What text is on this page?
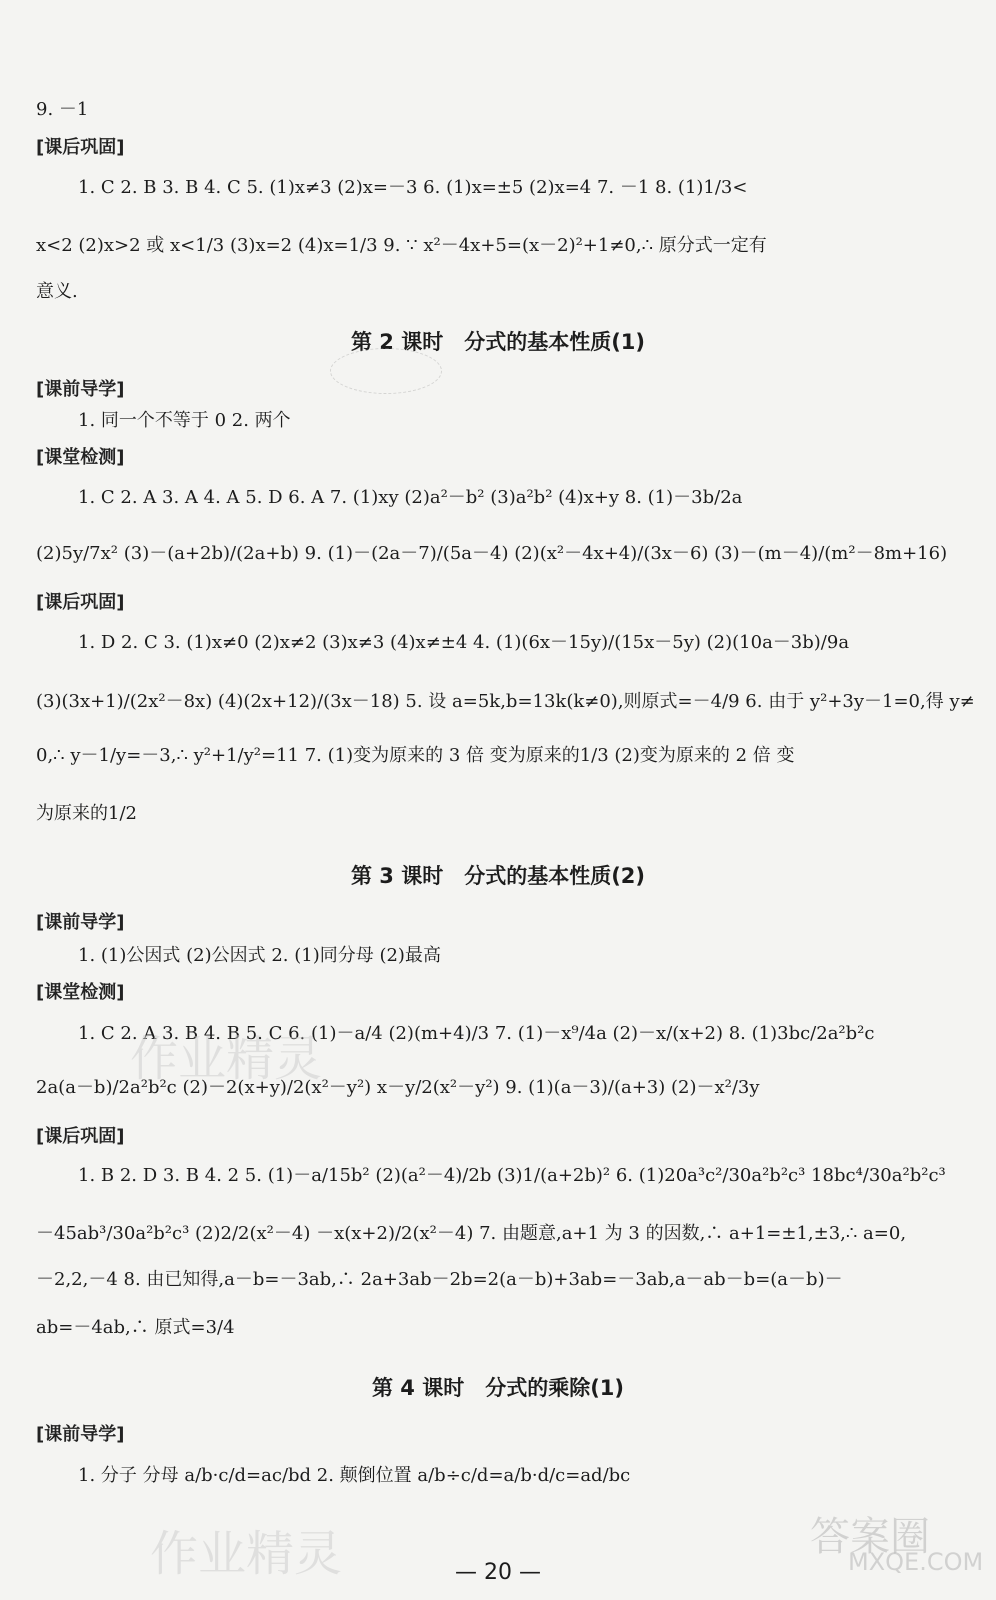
9. －1
[课后巩固]
1. C 2. B 3. B 4. C 5. (1)x≠3 (2)x=－3 6. (1)x=±5 (2)x=4 7. －1 8. (1)1/3<
x<2 (2)x>2 或 x<1/3 (3)x=2 (4)x=1/3 9. ∵ x²－4x+5=(x－2)²+1≠0,∴ 原分式一定有
意义.
第 2 课时　分式的基本性质(1)
[课前导学]
1. 同一个不等于 0 2. 两个
[课堂检测]
1. C 2. A 3. A 4. A 5. D 6. A 7. (1)xy (2)a²－b² (3)a²b² (4)x+y 8. (1)－3b/2a
(2)5y/7x² (3)－(a+2b)/(2a+b) 9. (1)－(2a－7)/(5a－4) (2)(x²－4x+4)/(3x－6) (3)－(m－4)/(m²－8m+16)
[课后巩固]
1. D 2. C 3. (1)x≠0 (2)x≠2 (3)x≠3 (4)x≠±4 4. (1)(6x－15y)/(15x－5y) (2)(10a－3b)/9a
(3)(3x+1)/(2x²－8x) (4)(2x+12)/(3x－18) 5. 设 a=5k,b=13k(k≠0),则原式=－4/9 6. 由于 y²+3y－1=0,得 y≠
0,∴ y－1/y=－3,∴ y²+1/y²=11 7. (1)变为原来的 3 倍 变为原来的1/3 (2)变为原来的 2 倍 变
为原来的1/2
第 3 课时　分式的基本性质(2)
[课前导学]
1. (1)公因式 (2)公因式 2. (1)同分母 (2)最高
[课堂检测]
1. C 2. A 3. B 4. B 5. C 6. (1)－a/4 (2)(m+4)/3 7. (1)－x⁹/4a (2)－x/(x+2) 8. (1)3bc/2a²b²c
2a(a－b)/2a²b²c (2)－2(x+y)/2(x²－y²) x－y/2(x²－y²) 9. (1)(a－3)/(a+3) (2)－x²/3y
[课后巩固]
1. B 2. D 3. B 4. 2 5. (1)－a/15b² (2)(a²－4)/2b (3)1/(a+2b)² 6. (1)20a³c²/30a²b²c³ 18bc⁴/30a²b²c³
－45ab³/30a²b²c³ (2)2/2(x²－4) －x(x+2)/2(x²－4) 7. 由题意,a+1 为 3 的因数,∴ a+1=±1,±3,∴ a=0,
－2,2,－4 8. 由已知得,a－b=－3ab,∴ 2a+3ab－2b=2(a－b)+3ab=－3ab,a－ab－b=(a－b)－
ab=－4ab,∴ 原式=3/4
第 4 课时　分式的乘除(1)
[课前导学]
1. 分子 分母 a/b·c/d=ac/bd 2. 颠倒位置 a/b÷c/d=a/b·d/c=ad/bc
— 20 —
作业精灵
作业精灵	答案圈
MXQE.COM
